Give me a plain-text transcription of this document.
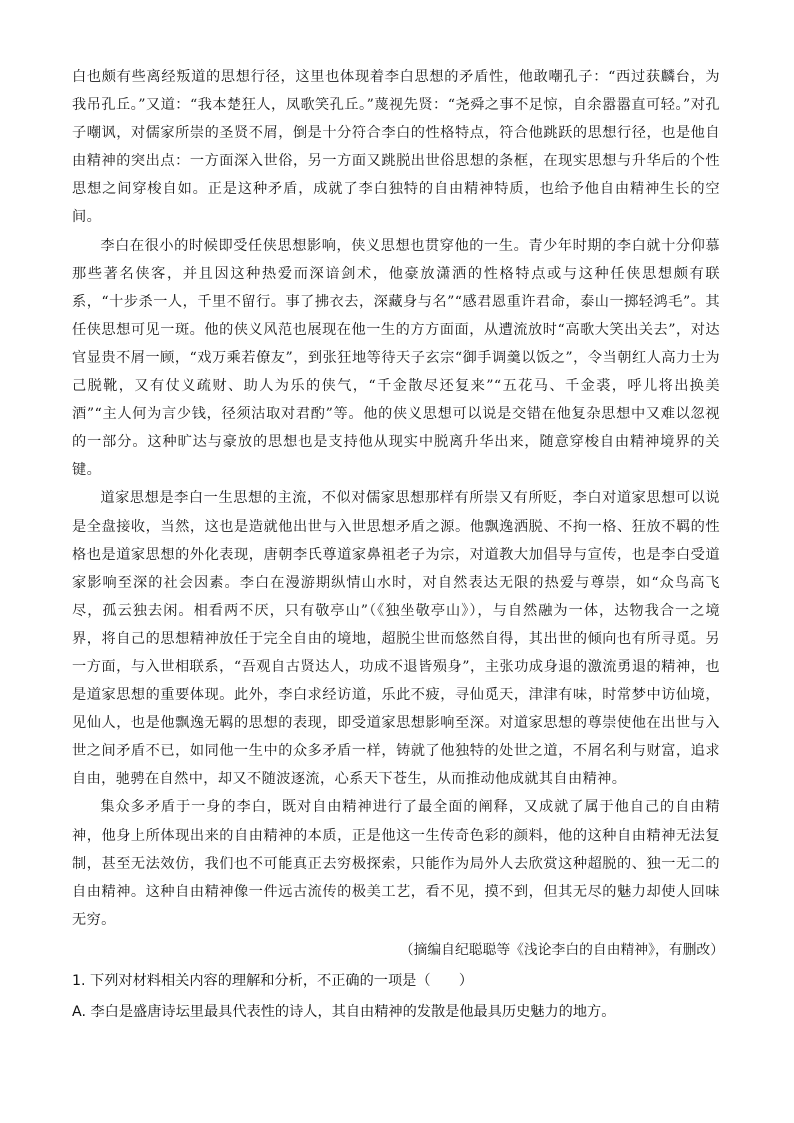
白也颇有些离经叛道的思想行径，这里也体现着李白思想的矛盾性，他敢嘲孔子：“西过获麟台，为我吊孔丘。”又道：“我本楚狂人，凤歌笑孔丘。”蔑视先贤：“尧舜之事不足惊，自余嚣嚣直可轻。”对孔子嘲讽，对儒家所崇的圣贤不屑，倒是十分符合李白的性格特点，符合他跳跃的思想行径，也是他自由精神的突出点：一方面深入世俗，另一方面又跳脱出世俗思想的条框，在现实思想与升华后的个性思想之间穿梭自如。正是这种矛盾，成就了李白独特的自由精神特质，也给予他自由精神生长的空间。

李白在很小的时候即受任侠思想影响，侠义思想也贯穿他的一生。青少年时期的李白就十分仰慕那些著名侠客，并且因这种热爱而深谙剑术，他豪放潇洒的性格特点或与这种任侠思想颇有联系，“十步杀一人，千里不留行。事了拂衣去，深藏身与名”“感君恩重许君命，泰山一掷轻鸿毛”。其任侠思想可见一斑。他的侠义风范也展现在他一生的方方面面，从遭流放时“高歌大笑出关去”，对达官显贵不屑一顾，“戏万乘若僚友”，到张狂地等待天子玄宗“御手调羹以饭之”，令当朝红人高力士为己脱靴，又有仗义疏财、助人为乐的侠气，“千金散尽还复来”“五花马、千金裘，呼儿将出换美酒”“主人何为言少钱，径须沽取对君酌”等。他的侠义思想可以说是交错在他复杂思想中又难以忽视的一部分。这种旷达与豪放的思想也是支持他从现实中脱离升华出来，随意穿梭自由精神境界的关键。

道家思想是李白一生思想的主流，不似对儒家思想那样有所崇又有所贬，李白对道家思想可以说是全盘接收，当然，这也是造就他出世与入世思想矛盾之源。他飘逸洒脱、不拘一格、狂放不羁的性格也是道家思想的外化表现，唐朝李氏尊道家鼻祖老子为宗，对道教大加倡导与宣传，也是李白受道家影响至深的社会因素。李白在漫游期纵情山水时，对自然表达无限的热爱与尊崇，如“众鸟高飞尽，孤云独去闲。相看两不厌，只有敬亭山”（《独坐敬亭山》），与自然融为一体，达物我合一之境界，将自己的思想精神放任于完全自由的境地，超脱尘世而悠然自得，其出世的倾向也有所寻觅。另一方面，与入世相联系，“吾观自古贤达人，功成不退皆殒身”，主张功成身退的激流勇退的精神，也是道家思想的重要体现。此外，李白求经访道，乐此不疲，寻仙觅天，津津有味，时常梦中访仙境，见仙人，也是他飘逸无羁的思想的表现，即受道家思想影响至深。对道家思想的尊崇使他在出世与入世之间矛盾不已，如同他一生中的众多矛盾一样，铸就了他独特的处世之道，不屑名利与财富，追求自由，驰骋在自然中，却又不随波逐流，心系天下苍生，从而推动他成就其自由精神。

集众多矛盾于一身的李白，既对自由精神进行了最全面的阐释，又成就了属于他自己的自由精神，他身上所体现出来的自由精神的本质，正是他这一生传奇色彩的颜料，他的这种自由精神无法复制，甚至无法效仿，我们也不可能真正去穷极探索，只能作为局外人去欣赏这种超脱的、独一无二的自由精神。这种自由精神像一件远古流传的极美工艺，看不见，摸不到，但其无尽的魅力却使人回味无穷。

（摘编自纪聪聪等《浅论李白的自由精神》，有删改）
1. 下列对材料相关内容的理解和分析，不正确的一项是（　　）
A. 李白是盛唐诗坛里最具代表性的诗人，其自由精神的发散是他最具历史魅力的地方。
